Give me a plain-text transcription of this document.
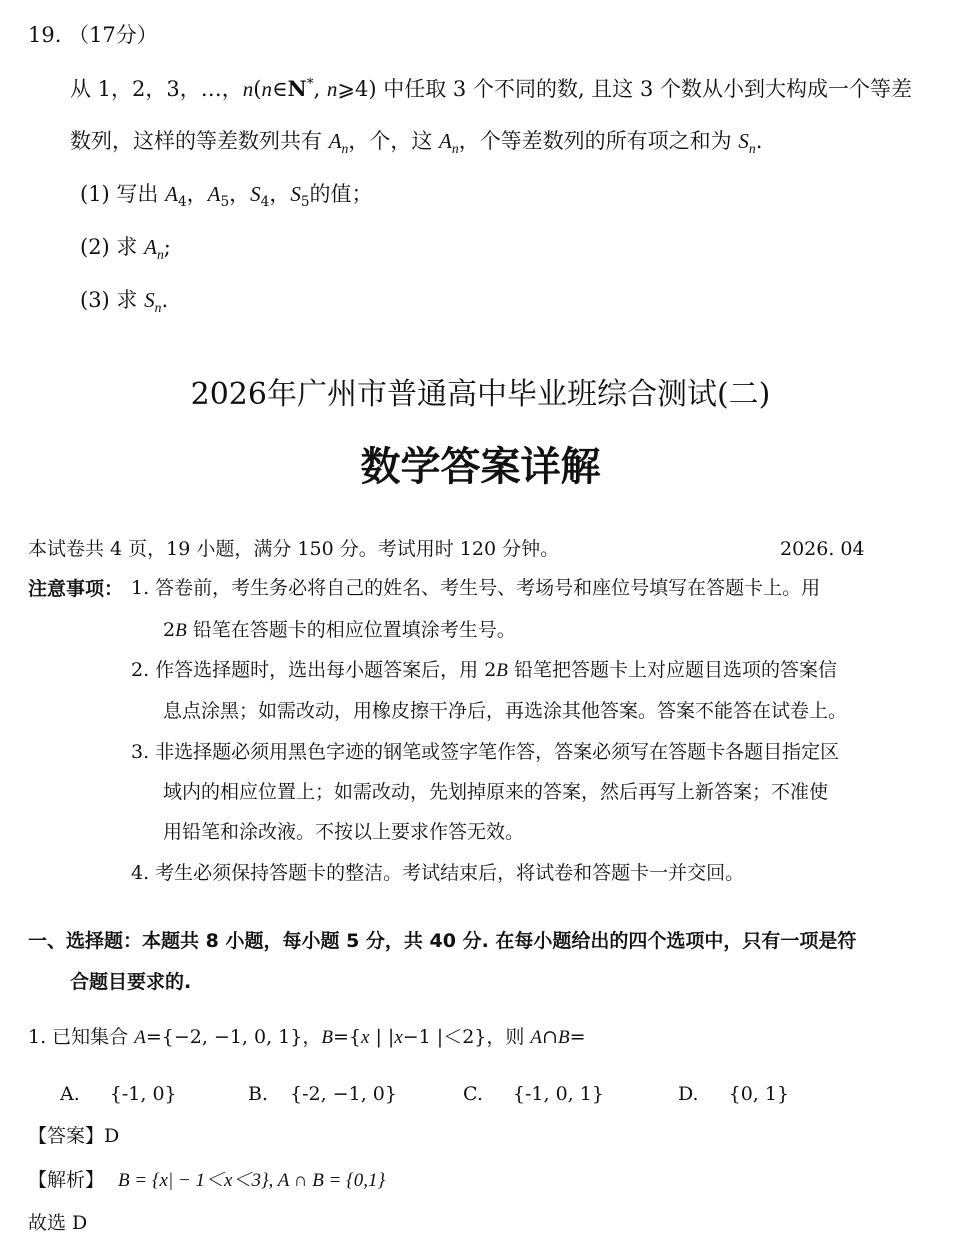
19. （17分）
从 1，2，3，…，n(n∈N*, n⩾4) 中任取 3 个不同的数, 且这 3 个数从小到大构成一个等差
数列，这样的等差数列共有 $A_n$，个，这 $A_n$，个等差数列的所有项之和为 $S_n$.
(1) 写出 $A_4$，$A_5$，$S_4$，$S_5$的值；
(2) 求 $A_n$;
(3) 求 $S_n$.
2026年广州市普通高中毕业班综合测试(二)
数学答案详解
本试卷共 4 页，19 小题，满分 150 分。考试用时 120 分钟。	2026. 04
注意事项： 1. 答卷前，考生务必将自己的姓名、考生号、考场号和座位号填写在答题卡上。用
2B 铅笔在答题卡的相应位置填涂考生号。
2. 作答选择题时，选出每小题答案后，用 2B 铅笔把答题卡上对应题目选项的答案信
息点涂黑；如需改动，用橡皮擦干净后，再选涂其他答案。答案不能答在试卷上。
3. 非选择题必须用黑色字迹的钢笔或签字笔作答，答案必须写在答题卡各题目指定区
域内的相应位置上；如需改动，先划掉原来的答案，然后再写上新答案；不准使
用铅笔和涂改液。不按以上要求作答无效。
4. 考生必须保持答题卡的整洁。考试结束后，将试卷和答题卡一并交回。
一、选择题：本题共 8 小题，每小题 5 分，共 40 分. 在每小题给出的四个选项中，只有一项是符
合题目要求的.
1. 已知集合 A={−2, −1, 0, 1}，B={x | |x−1 |＜2}，则 A∩B=
A. {-1, 0}	B. {-2, −1, 0}	C. {-1, 0, 1}	D. {0, 1}
【答案】D
【解析】 B = {x| − 1＜x＜3}, A ∩ B = {0,1}
故选 D
